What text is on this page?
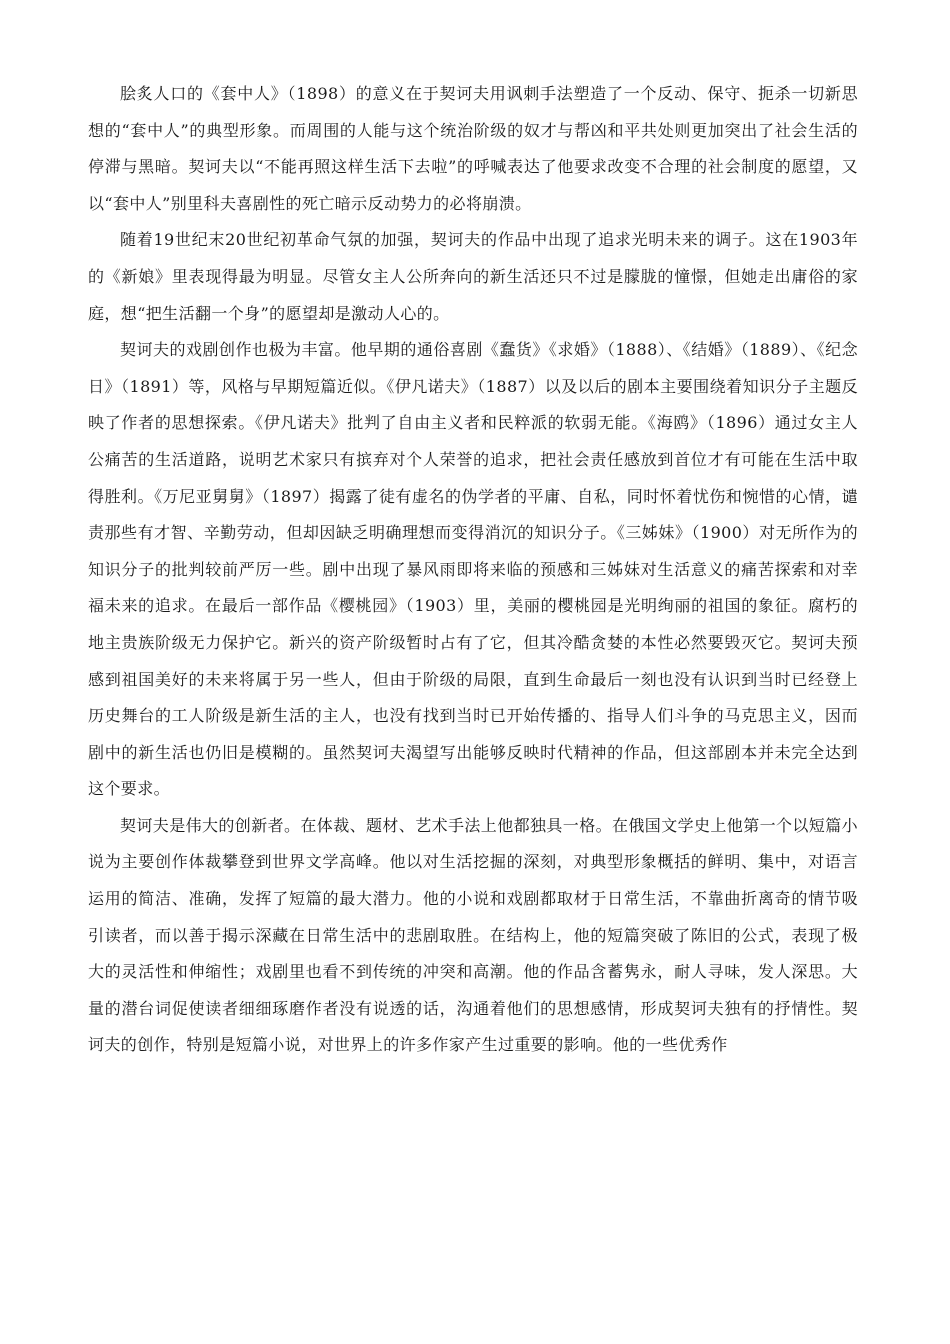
脍炙人口的《套中人》（1898）的意义在于契诃夫用讽刺手法塑造了一个反动、保守、扼杀一切新思想的“套中人”的典型形象。而周围的人能与这个统治阶级的奴才与帮凶和平共处则更加突出了社会生活的停滞与黑暗。契诃夫以“不能再照这样生活下去啦”的呼喊表达了他要求改变不合理的社会制度的愿望，又以“套中人”别里科夫喜剧性的死亡暗示反动势力的必将崩溃。

随着19世纪末20世纪初革命气氛的加强，契诃夫的作品中出现了追求光明未来的调子。这在1903年的《新娘》里表现得最为明显。尽管女主人公所奔向的新生活还只不过是朦胧的憧憬，但她走出庸俗的家庭，想“把生活翻一个身”的愿望却是激动人心的。

契诃夫的戏剧创作也极为丰富。他早期的通俗喜剧《蠢货》《求婚》（1888）、《结婚》（1889）、《纪念日》（1891）等，风格与早期短篇近似。《伊凡诺夫》（1887）以及以后的剧本主要围绕着知识分子主题反映了作者的思想探索。《伊凡诺夫》批判了自由主义者和民粹派的软弱无能。《海鸥》（1896）通过女主人公痛苦的生活道路，说明艺术家只有摈弃对个人荣誉的追求，把社会责任感放到首位才有可能在生活中取得胜利。《万尼亚舅舅》（1897）揭露了徒有虚名的伪学者的平庸、自私，同时怀着忧伤和惋惜的心情，谴责那些有才智、辛勤劳动，但却因缺乏明确理想而变得消沉的知识分子。《三姊妹》（1900）对无所作为的知识分子的批判较前严厉一些。剧中出现了暴风雨即将来临的预感和三姊妹对生活意义的痛苦探索和对幸福未来的追求。在最后一部作品《樱桃园》（1903）里，美丽的樱桃园是光明绚丽的祖国的象征。腐朽的地主贵族阶级无力保护它。新兴的资产阶级暂时占有了它，但其冷酷贪婪的本性必然要毁灭它。契诃夫预感到祖国美好的未来将属于另一些人，但由于阶级的局限，直到生命最后一刻也没有认识到当时已经登上历史舞台的工人阶级是新生活的主人，也没有找到当时已开始传播的、指导人们斗争的马克思主义，因而剧中的新生活也仍旧是模糊的。虽然契诃夫渴望写出能够反映时代精神的作品，但这部剧本并未完全达到这个要求。

契诃夫是伟大的创新者。在体裁、题材、艺术手法上他都独具一格。在俄国文学史上他第一个以短篇小说为主要创作体裁攀登到世界文学高峰。他以对生活挖掘的深刻，对典型形象概括的鲜明、集中，对语言运用的简洁、准确，发挥了短篇的最大潜力。他的小说和戏剧都取材于日常生活，不靠曲折离奇的情节吸引读者，而以善于揭示深藏在日常生活中的悲剧取胜。在结构上，他的短篇突破了陈旧的公式，表现了极大的灵活性和伸缩性；戏剧里也看不到传统的冲突和高潮。他的作品含蓄隽永，耐人寻味，发人深思。大量的潜台词促使读者细细琢磨作者没有说透的话，沟通着他们的思想感情，形成契诃夫独有的抒情性。契诃夫的创作，特别是短篇小说，对世界上的许多作家产生过重要的影响。他的一些优秀作
